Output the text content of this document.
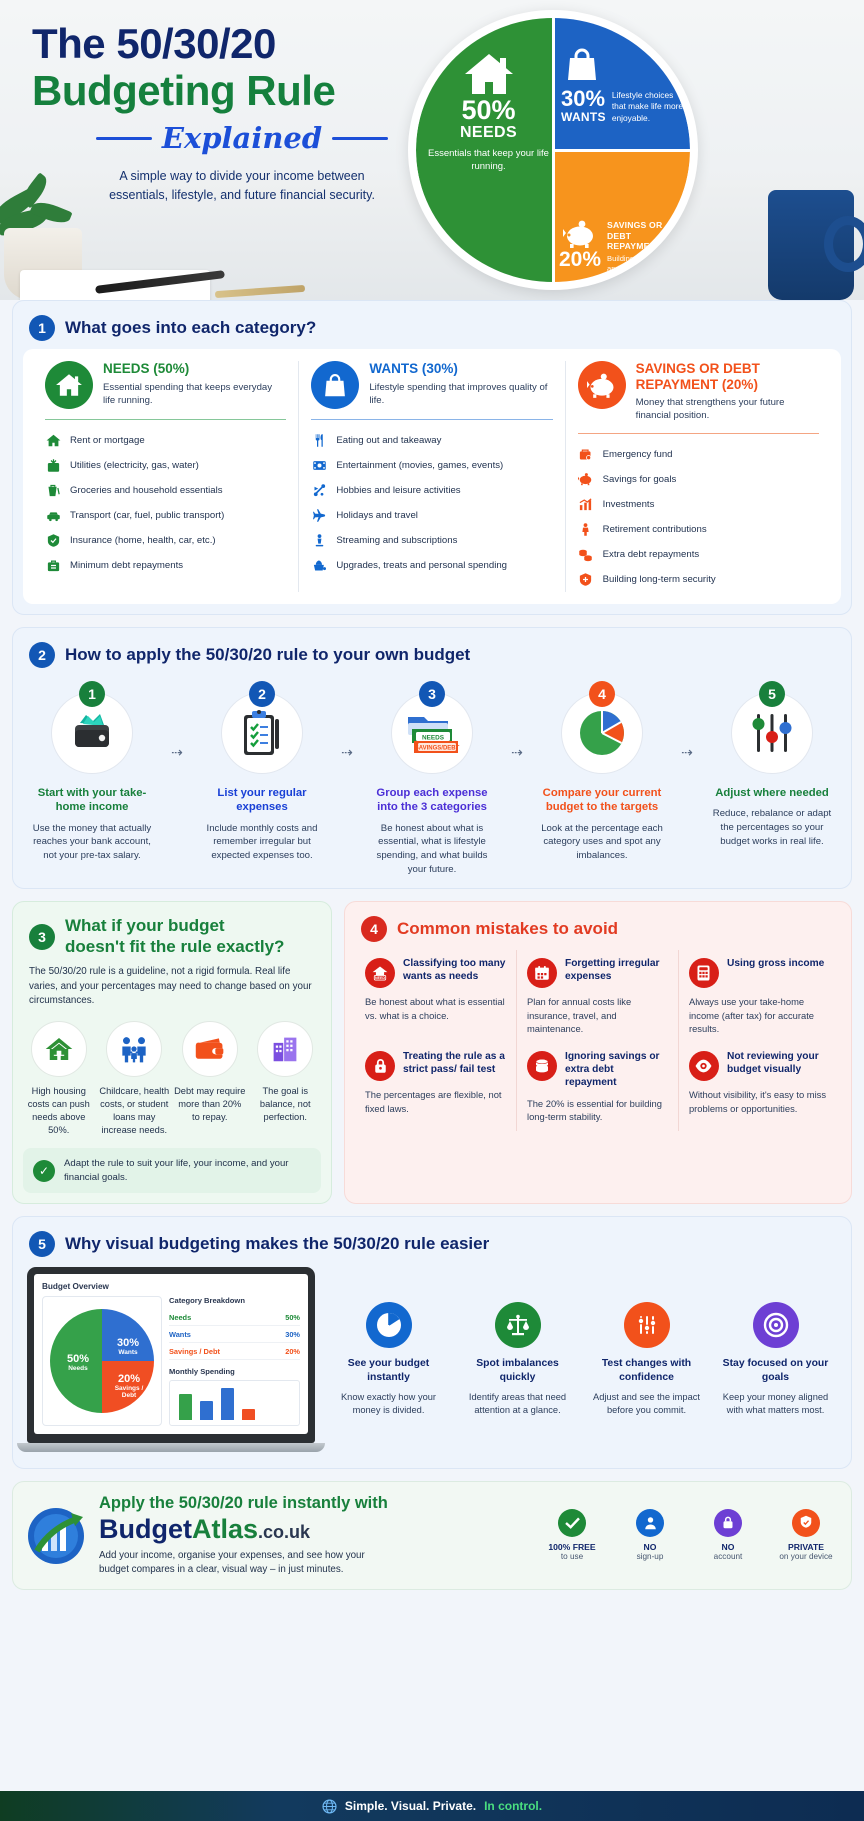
The 50/30/20
Budgeting Rule
Explained
A simple way to divide your income between
essentials, lifestyle, and future financial security.
50%
NEEDS
Essentials that keep your life running.
30%
WANTS
Lifestyle choices that make life more enjoyable.
20%
SAVINGS OR DEBT REPAYMENT
Building your future and financial security.
1	What goes into each category?
NEEDS (50%)
Essential spending that keeps everyday life running.
Rent or mortgage
Utilities (electricity, gas, water)
Groceries and household essentials
Transport (car, fuel, public transport)
Insurance (home, health, car, etc.)
Minimum debt repayments
WANTS (30%)
Lifestyle spending that improves quality of life.
Eating out and takeaway
Entertainment (movies, games, events)
Hobbies and leisure activities
Holidays and travel
Streaming and subscriptions
Upgrades, treats and personal spending
SAVINGS OR DEBT REPAYMENT (20%)
Money that strengthens your future financial position.
Emergency fund
Savings for goals
Investments
Retirement contributions
Extra debt repayments
Building long-term security
2	How to apply the 50/30/20 rule to your own budget
1
Start with your take-home income
Use the money that actually reaches your bank account, not your pre-tax salary.
⇢
2
List your regular expenses
Include monthly costs and remember irregular but expected expenses too.
⇢
3
NEEDS
SAVINGS/DEBT
Group each expense into the 3 categories
Be honest about what is essential, what is lifestyle spending, and what builds your future.
⇢
4
Compare your current budget to the targets
Look at the percentage each category uses and spot any imbalances.
⇢
5
Adjust where needed
Reduce, rebalance or adapt the percentages so your budget works in real life.
3
What if your budget
doesn't fit the rule exactly?
The 50/30/20 rule is a guideline, not a rigid formula. Real life varies, and your percentages may need to change based on your circumstances.
High housing costs can push needs above 50%.
Childcare, health costs, or student loans may increase needs.
Debt may require more than 20% to repay.
The goal is balance, not perfection.
✓	Adapt the rule to suit your life, your income, and your financial goals.
4	Common mistakes to avoid
NEED
Classifying too many wants as needs
Be honest about what is essential vs. what is a choice.
Forgetting irregular expenses
Plan for annual costs like insurance, travel, and maintenance.
Using gross income
Always use your take-home income (after tax) for accurate results.
Treating the rule as a strict pass/ fail test
The percentages are flexible, not fixed laws.
Ignoring savings or extra debt repayment
The 20% is essential for building long-term stability.
Not reviewing your budget visually
Without visibility, it's easy to miss problems or opportunities.
5	Why visual budgeting makes the 50/30/20 rule easier
Budget Overview
50%
Needs
30%
Wants
20%
Savings / Debt
Category Breakdown
Needs	50%
Wants	30%
Savings / Debt	20%
Monthly Spending
See your budget instantly
Know exactly how your money is divided.
Spot imbalances quickly
Identify areas that need attention at a glance.
Test changes with confidence
Adjust and see the impact before you commit.
Stay focused on your goals
Keep your money aligned with what matters most.
Apply the 50/30/20 rule instantly with
BudgetAtlas.co.uk
Add your income, organise your expenses, and see how your
budget compares in a clear, visual way – in just minutes.
100% FREE
to use
NO
sign-up
NO
account
PRIVATE
on your device
Simple. Visual. Private. In control.
